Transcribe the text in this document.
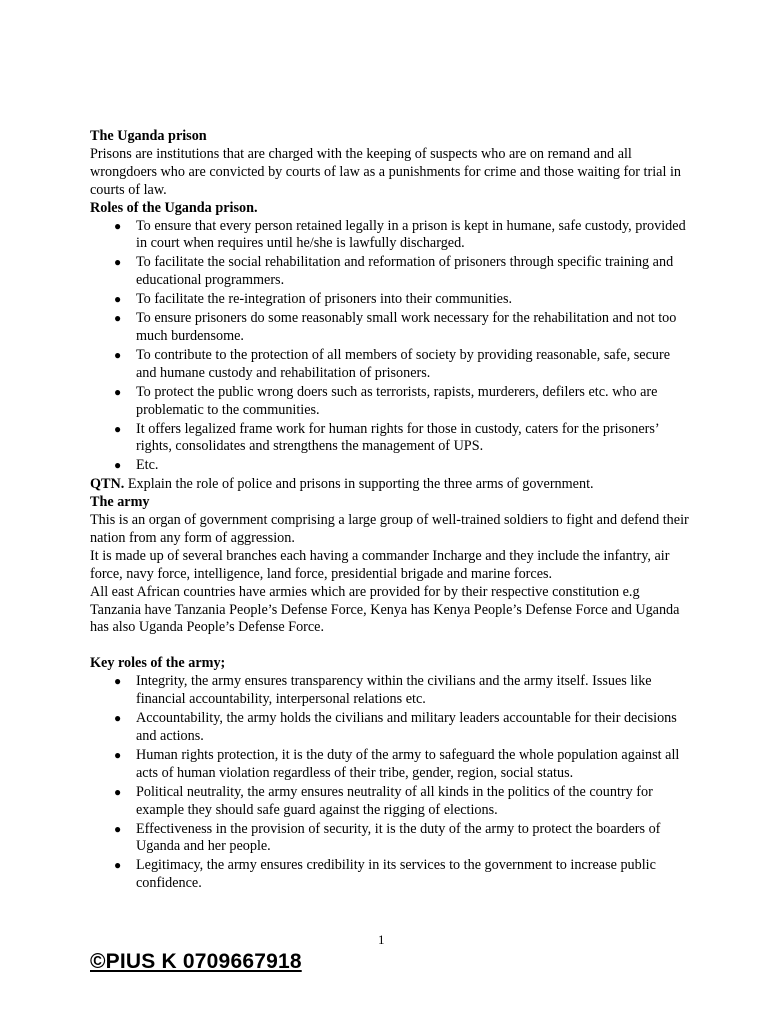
The Uganda prison

Prisons are institutions that are charged with the keeping of suspects who are on remand and all wrongdoers who are convicted by courts of law as a punishments for crime and those waiting for trial in courts of law.

Roles of the Uganda prison.

● To ensure that every person retained legally in a prison is kept in humane, safe custody, provided in court when requires until he/she is lawfully discharged.
● To facilitate the social rehabilitation and reformation of prisoners through specific training and educational programmers.
● To facilitate the re-integration of prisoners into their communities.
● To ensure prisoners do some reasonably small work necessary for the rehabilitation and not too much burdensome.
● To contribute to the protection of all members of society by providing reasonable, safe, secure and humane custody and rehabilitation of prisoners.
● To protect the public wrong doers such as terrorists, rapists, murderers, defilers etc. who are problematic to the communities.
● It offers legalized frame work for human rights for those in custody, caters for the prisoners’ rights, consolidates and strengthens the management of UPS.
● Etc.

QTN. Explain the role of police and prisons in supporting the three arms of government.

The army

This is an organ of government comprising a large group of well-trained soldiers to fight and defend their nation from any form of aggression.

It is made up of several branches each having a commander Incharge and they include the infantry, air force, navy force, intelligence, land force, presidential brigade and marine forces.

All east African countries have armies which are provided for by their respective constitution e.g Tanzania have Tanzania People’s Defense Force, Kenya has Kenya People’s Defense Force and Uganda has also Uganda People’s Defense Force.

Key roles of the army;

● Integrity, the army ensures transparency within the civilians and the army itself. Issues like financial accountability, interpersonal relations etc.
● Accountability, the army holds the civilians and military leaders accountable for their decisions and actions.
● Human rights protection, it is the duty of the army to safeguard the whole population against all acts of human violation regardless of their tribe, gender, region, social status.
● Political neutrality, the army ensures neutrality of all kinds in the politics of the country for example they should safe guard against the rigging of elections.
● Effectiveness in the provision of security, it is the duty of the army to protect the boarders of Uganda and her people.
● Legitimacy, the army ensures credibility in its services to the government to increase public confidence.
1
©PIUS K 0709667918
